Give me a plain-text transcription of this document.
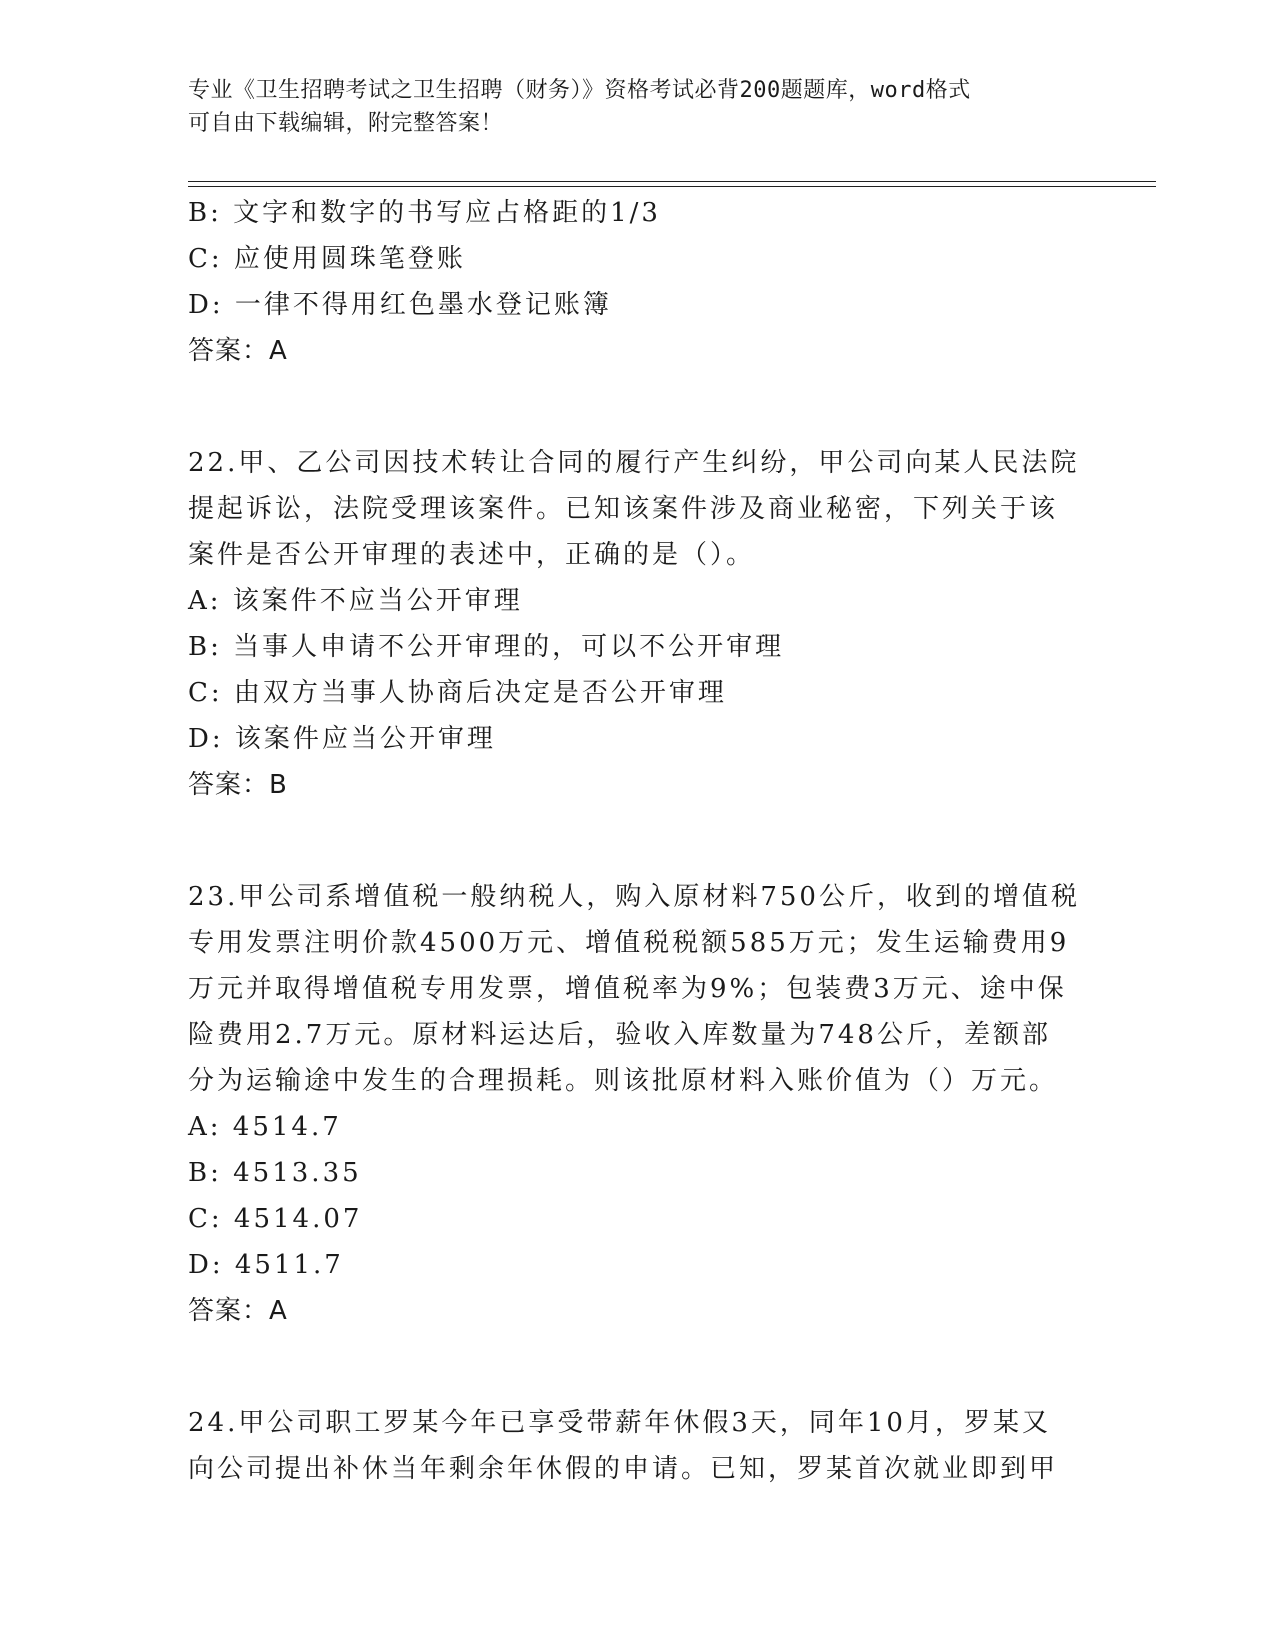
专业《卫生招聘考试之卫生招聘（财务）》资格考试必背200题题库，word格式
可自由下载编辑，附完整答案！
B: 文字和数字的书写应占格距的1/3
C: 应使用圆珠笔登账
D: 一律不得用红色墨水登记账簿
答案：A
22.甲、乙公司因技术转让合同的履行产生纠纷，甲公司向某人民法院
提起诉讼，法院受理该案件。已知该案件涉及商业秘密，下列关于该
案件是否公开审理的表述中，正确的是（）。
A: 该案件不应当公开审理
B: 当事人申请不公开审理的，可以不公开审理
C: 由双方当事人协商后决定是否公开审理
D: 该案件应当公开审理
答案：B
23.甲公司系增值税一般纳税人，购入原材料750公斤，收到的增值税
专用发票注明价款4500万元、增值税税额585万元；发生运输费用9
万元并取得增值税专用发票，增值税率为9%；包装费3万元、途中保
险费用2.7万元。原材料运达后，验收入库数量为748公斤，差额部
分为运输途中发生的合理损耗。则该批原材料入账价值为（）万元。
A: 4514.7
B: 4513.35
C: 4514.07
D: 4511.7
答案：A
24.甲公司职工罗某今年已享受带薪年休假3天，同年10月，罗某又
向公司提出补休当年剩余年休假的申请。已知，罗某首次就业即到甲
